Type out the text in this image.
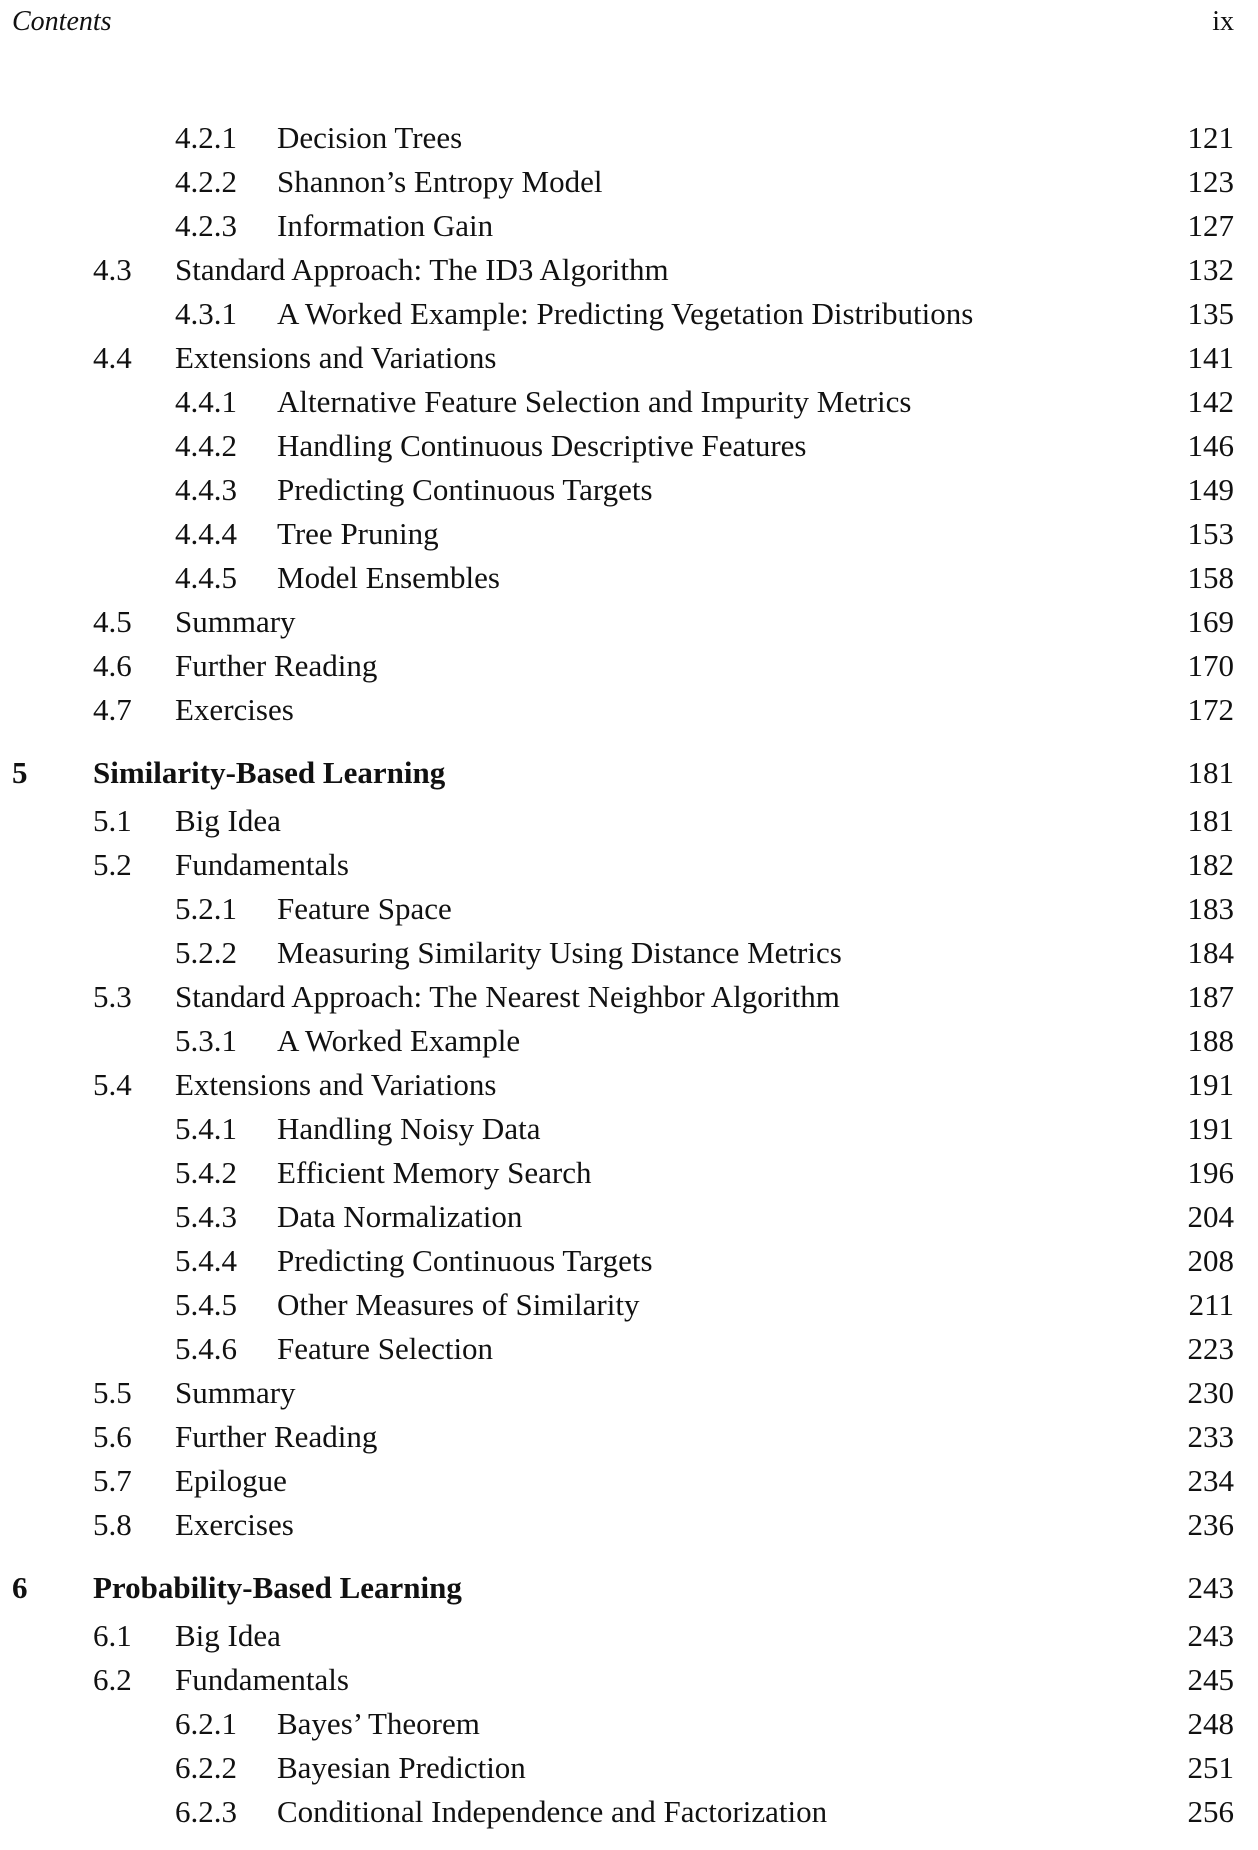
Contents	ix
4.2.1 Decision Trees	121
4.2.2 Shannon’s Entropy Model	123
4.2.3 Information Gain	127
4.3 Standard Approach: The ID3 Algorithm	132
4.3.1 A Worked Example: Predicting Vegetation Distributions	135
4.4 Extensions and Variations	141
4.4.1 Alternative Feature Selection and Impurity Metrics	142
4.4.2 Handling Continuous Descriptive Features	146
4.4.3 Predicting Continuous Targets	149
4.4.4 Tree Pruning	153
4.4.5 Model Ensembles	158
4.5 Summary	169
4.6 Further Reading	170
4.7 Exercises	172
5 Similarity-Based Learning	181
5.1 Big Idea	181
5.2 Fundamentals	182
5.2.1 Feature Space	183
5.2.2 Measuring Similarity Using Distance Metrics	184
5.3 Standard Approach: The Nearest Neighbor Algorithm	187
5.3.1 A Worked Example	188
5.4 Extensions and Variations	191
5.4.1 Handling Noisy Data	191
5.4.2 Efficient Memory Search	196
5.4.3 Data Normalization	204
5.4.4 Predicting Continuous Targets	208
5.4.5 Other Measures of Similarity	211
5.4.6 Feature Selection	223
5.5 Summary	230
5.6 Further Reading	233
5.7 Epilogue	234
5.8 Exercises	236
6 Probability-Based Learning	243
6.1 Big Idea	243
6.2 Fundamentals	245
6.2.1 Bayes’ Theorem	248
6.2.2 Bayesian Prediction	251
6.2.3 Conditional Independence and Factorization	256
